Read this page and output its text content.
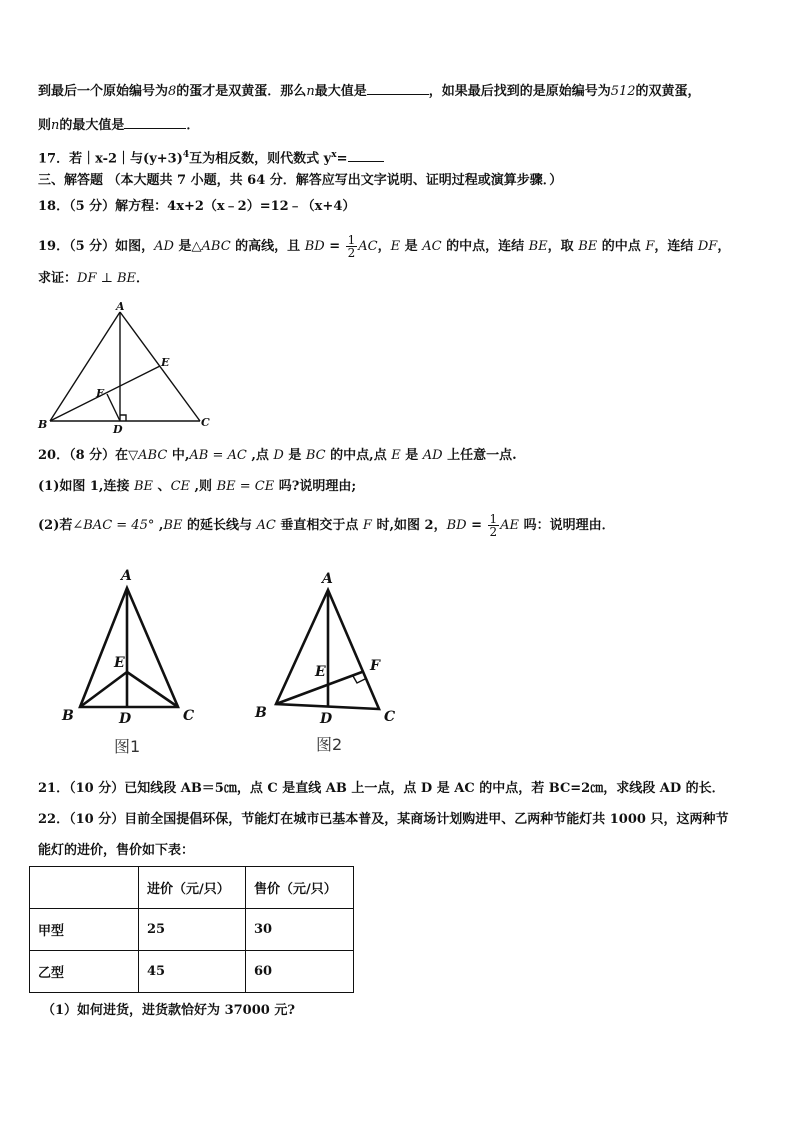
到最后一个原始编号为8的蛋才是双黄蛋．那么n最大值是	，如果最后找到的是原始编号为512的双黄蛋，
则n的最大值是	．
17．若｜x-2｜与$(y+3)^4$互为相反数，则代数式 $y^x=$
三、解答题 （本大题共 7 小题，共 64 分．解答应写出文字说明、证明过程或演算步骤．）
18．（5 分）解方程：4x+2（x﹣2）=12﹣（x+4）
19．（5 分）如图，AD 是△ABC 的高线，且 BD = $\frac{1}{2}$ AC，E 是 AC 的中点，连结 BE，取 BE 的中点 F，连结 DF，
求证：DF ⊥ BE．
A
B	C
D
E
F
20．（8 分）在▽ABC 中,AB = AC ,点 D 是 BC 的中点,点 E 是 AD 上任意一点.
(1)如图 1,连接 BE 、CE ,则 BE = CE 吗?说明理由;
(2)若∠BAC = 45° ,BE 的延长线与 AC 垂直相交于点 F 时,如图 2，BD = $\frac{1}{2}$ AE 吗：说明理由．
A
B	C
D
E
图1
A
B	C
D
E	F
图2
21．（10 分）已知线段 AB＝5㎝，点 C 是直线 AB 上一点，点 D 是 AC 的中点，若 BC=2㎝，求线段 AD 的长．
22．（10 分）目前全国提倡环保，节能灯在城市已基本普及，某商场计划购进甲、乙两种节能灯共 1000 只，这两种节
能灯的进价，售价如下表：
	进价（元/只）	售价（元/只）
甲型	25	30
乙型	45	60
（1）如何进货，进货款恰好为 37000 元?
